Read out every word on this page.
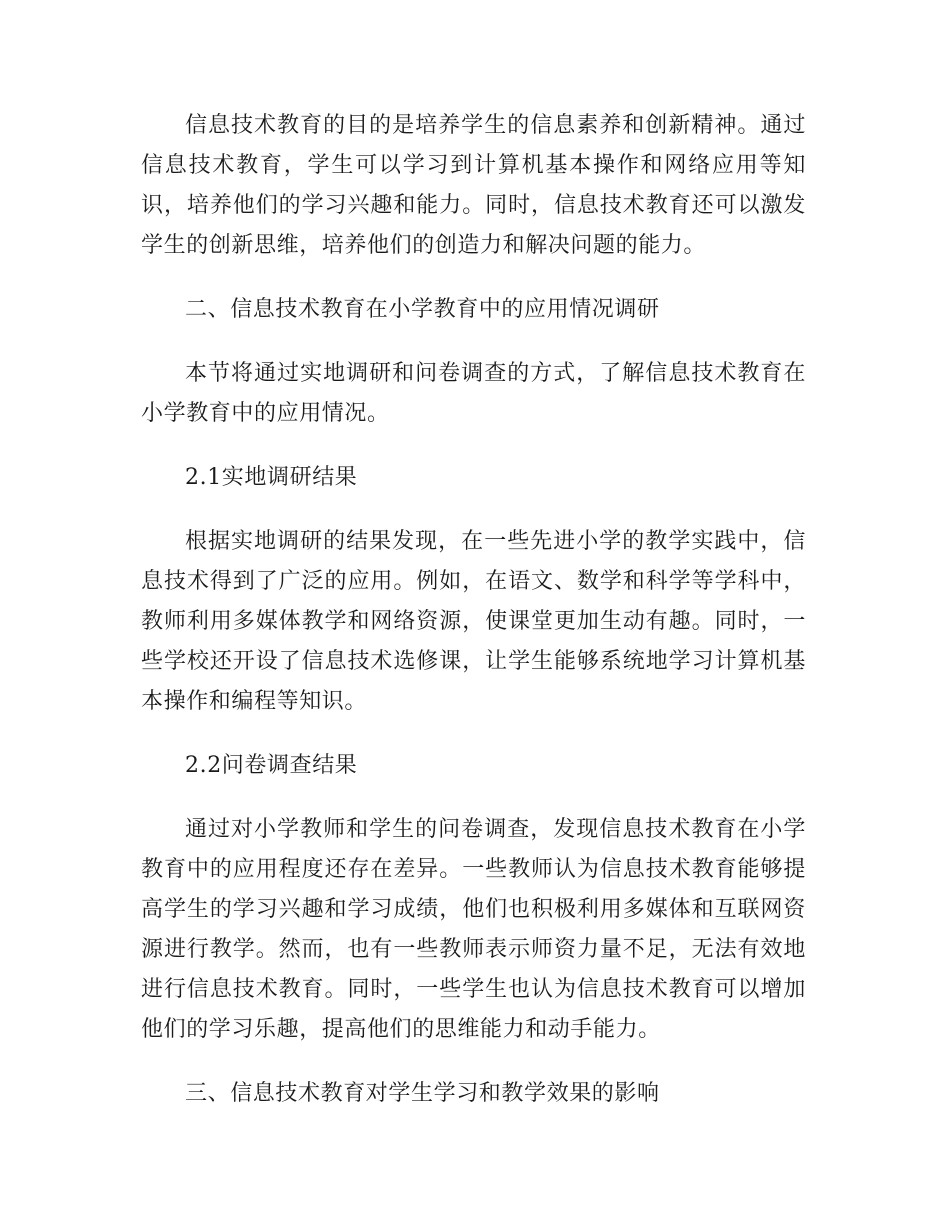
信息技术教育的目的是培养学生的信息素养和创新精神。通过信息技术教育，学生可以学习到计算机基本操作和网络应用等知识，培养他们的学习兴趣和能力。同时，信息技术教育还可以激发学生的创新思维，培养他们的创造力和解决问题的能力。

二、信息技术教育在小学教育中的应用情况调研

本节将通过实地调研和问卷调查的方式，了解信息技术教育在小学教育中的应用情况。

2.1实地调研结果

根据实地调研的结果发现，在一些先进小学的教学实践中，信息技术得到了广泛的应用。例如，在语文、数学和科学等学科中，教师利用多媒体教学和网络资源，使课堂更加生动有趣。同时，一些学校还开设了信息技术选修课，让学生能够系统地学习计算机基本操作和编程等知识。

2.2问卷调查结果

通过对小学教师和学生的问卷调查，发现信息技术教育在小学教育中的应用程度还存在差异。一些教师认为信息技术教育能够提高学生的学习兴趣和学习成绩，他们也积极利用多媒体和互联网资源进行教学。然而，也有一些教师表示师资力量不足，无法有效地进行信息技术教育。同时，一些学生也认为信息技术教育可以增加他们的学习乐趣，提高他们的思维能力和动手能力。

三、信息技术教育对学生学习和教学效果的影响
